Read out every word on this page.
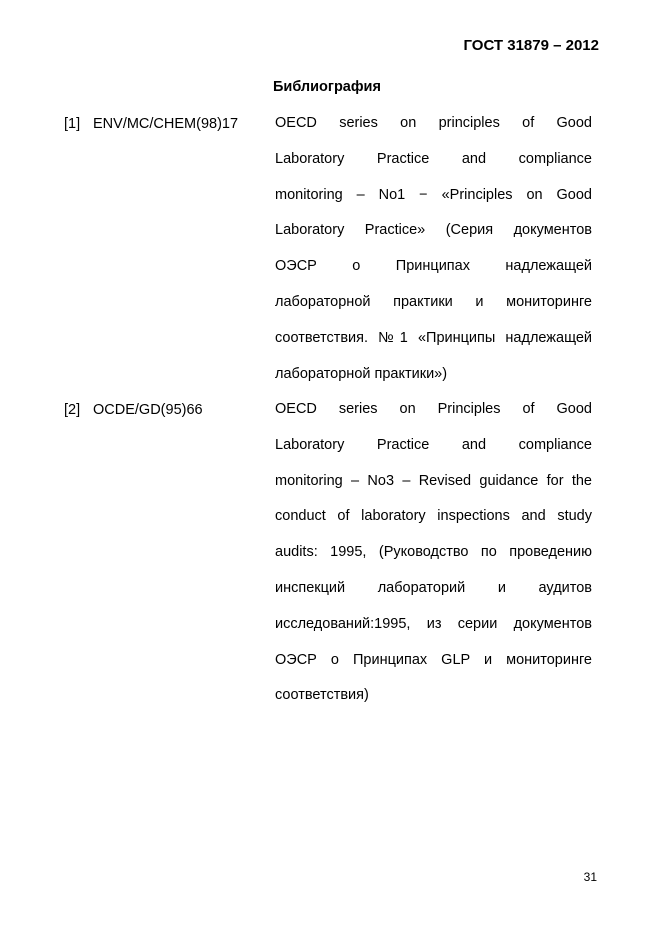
ГОСТ 31879 – 2012
Библиография
[1] ENV/MC/CHEM(98)17	OECD series on principles of Good
Laboratory Practice and compliance
monitoring – No1 − «Principles on Good
Laboratory Practice» (Серия документов
ОЭСР о Принципах надлежащей
лабораторной практики и мониторинге
соответствия. №1 «Принципы надлежащей
лабораторной практики»)
[2] OCDE/GD(95)66	OECD series on Principles of Good
Laboratory Practice and compliance
monitoring – No3 – Revised guidance for the
conduct of laboratory inspections and study
audits: 1995, (Руководство по проведению
инспекций лабораторий и аудитов
исследований:1995, из серии документов
ОЭСР о Принципах GLP и мониторинге
соответствия)
31
